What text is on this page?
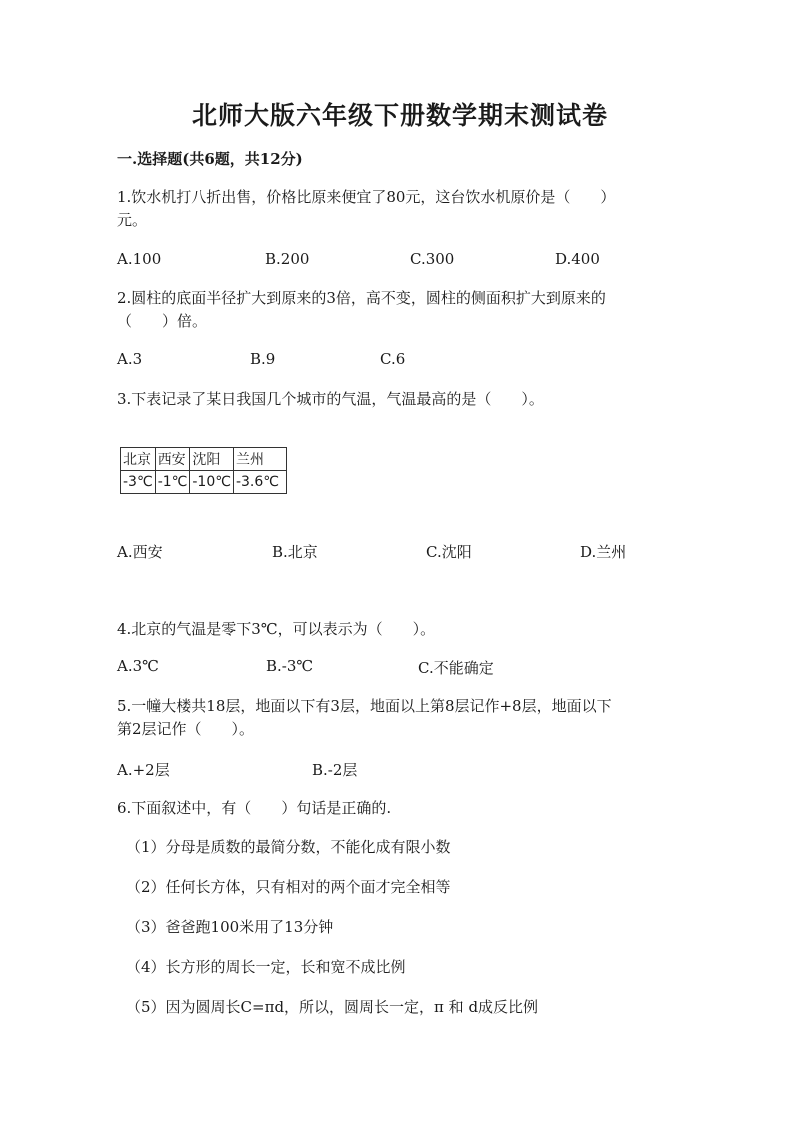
北师大版六年级下册数学期末测试卷
一.选择题(共6题，共12分)
1.饮水机打八折出售，价格比原来便宜了80元，这台饮水机原价是（　　）
元。
A.100	B.200	C.300	D.400
2.圆柱的底面半径扩大到原来的3倍，高不变，圆柱的侧面积扩大到原来的
（　　）倍。
A.3	B.9	C.6
3.下表记录了某日我国几个城市的气温，气温最高的是（　　）。
北京	西安	沈阳	兰州
-3℃	-1℃	-10℃	-3.6℃
A.西安	B.北京	C.沈阳	D.兰州
4.北京的气温是零下3℃，可以表示为（　　）。
A.3℃	B.-3℃	C.不能确定
5.一幢大楼共18层，地面以下有3层，地面以上第8层记作+8层，地面以下
第2层记作（　　）。
A.+2层	B.-2层
6.下面叙述中，有（　　）句话是正确的.
（1）分母是质数的最简分数，不能化成有限小数
（2）任何长方体，只有相对的两个面才完全相等
（3）爸爸跑100米用了13分钟
（4）长方形的周长一定，长和宽不成比例
（5）因为圆周长C=πd，所以，圆周长一定，π 和 d成反比例
